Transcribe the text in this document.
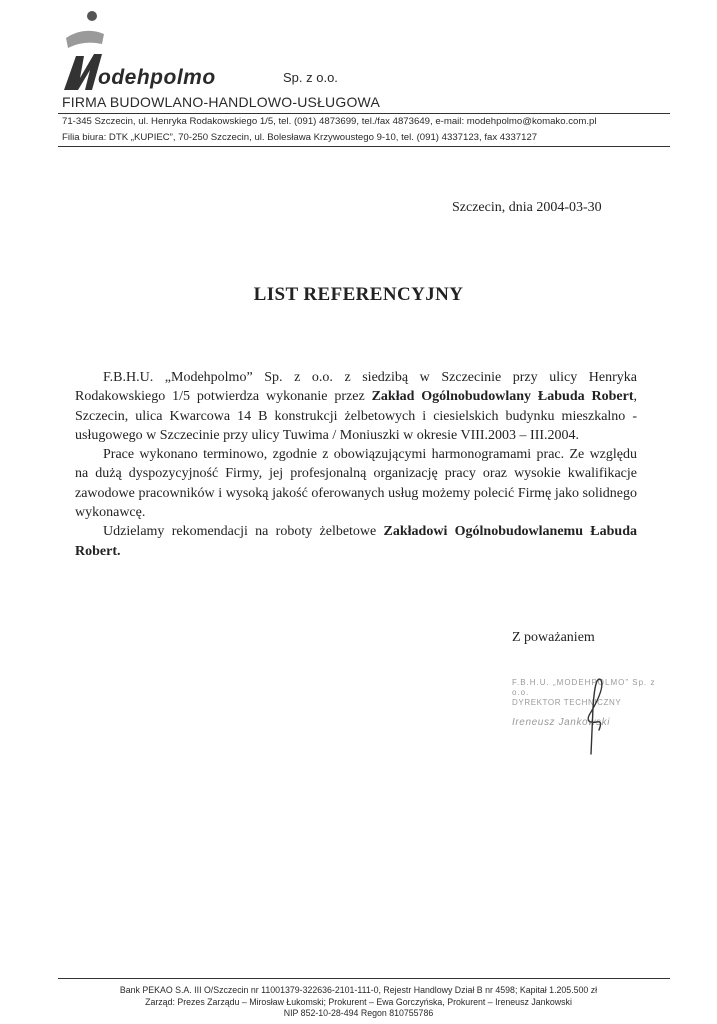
odehpolmo	Sp. z o.o.
FIRMA BUDOWLANO-HANDLOWO-USŁUGOWA
71-345 Szczecin, ul. Henryka Rodakowskiego 1/5, tel. (091) 4873699, tel./fax 4873649, e-mail: modehpolmo@komako.com.pl
Filia biura: DTK „KUPIEC”, 70-250 Szczecin, ul. Bolesława Krzywoustego 9-10, tel. (091) 4337123, fax 4337127
Szczecin, dnia 2004-03-30
LIST REFERENCYJNY

F.B.H.U. „Modehpolmo” Sp. z o.o. z siedzibą w Szczecinie przy ulicy Henryka Rodakowskiego 1/5 potwierdza wykonanie przez Zakład Ogólnobudowlany Łabuda Robert, Szczecin, ulica Kwarcowa 14 B konstrukcji żelbetowych i ciesielskich budynku mieszkalno - usługowego w Szczecinie przy ulicy Tuwima / Moniuszki w okresie VIII.2003 – III.2004.

Prace wykonano terminowo, zgodnie z obowiązującymi harmonogramami prac. Ze względu na dużą dyspozycyjność Firmy, jej profesjonalną organizację pracy oraz wysokie kwalifikacje zawodowe pracowników i wysoką jakość oferowanych usług możemy polecić Firmę jako solidnego wykonawcę.

Udzielamy rekomendacji na roboty żelbetowe Zakładowi Ogólnobudowlanemu Łabuda Robert.

Z poważaniem
F.B.H.U. „MODEHPOLMO” Sp. z o.o.
DYREKTOR TECHNICZNY
Ireneusz Jankowski
Bank PEKAO S.A. III O/Szczecin nr 11001379-322636-2101-111-0, Rejestr Handlowy Dział B nr 4598; Kapitał 1.205.500 zł
Zarząd: Prezes Zarządu – Mirosław Łukomski; Prokurent – Ewa Gorczyńska, Prokurent – Ireneusz Jankowski
NIP 852-10-28-494 Regon 810755786
